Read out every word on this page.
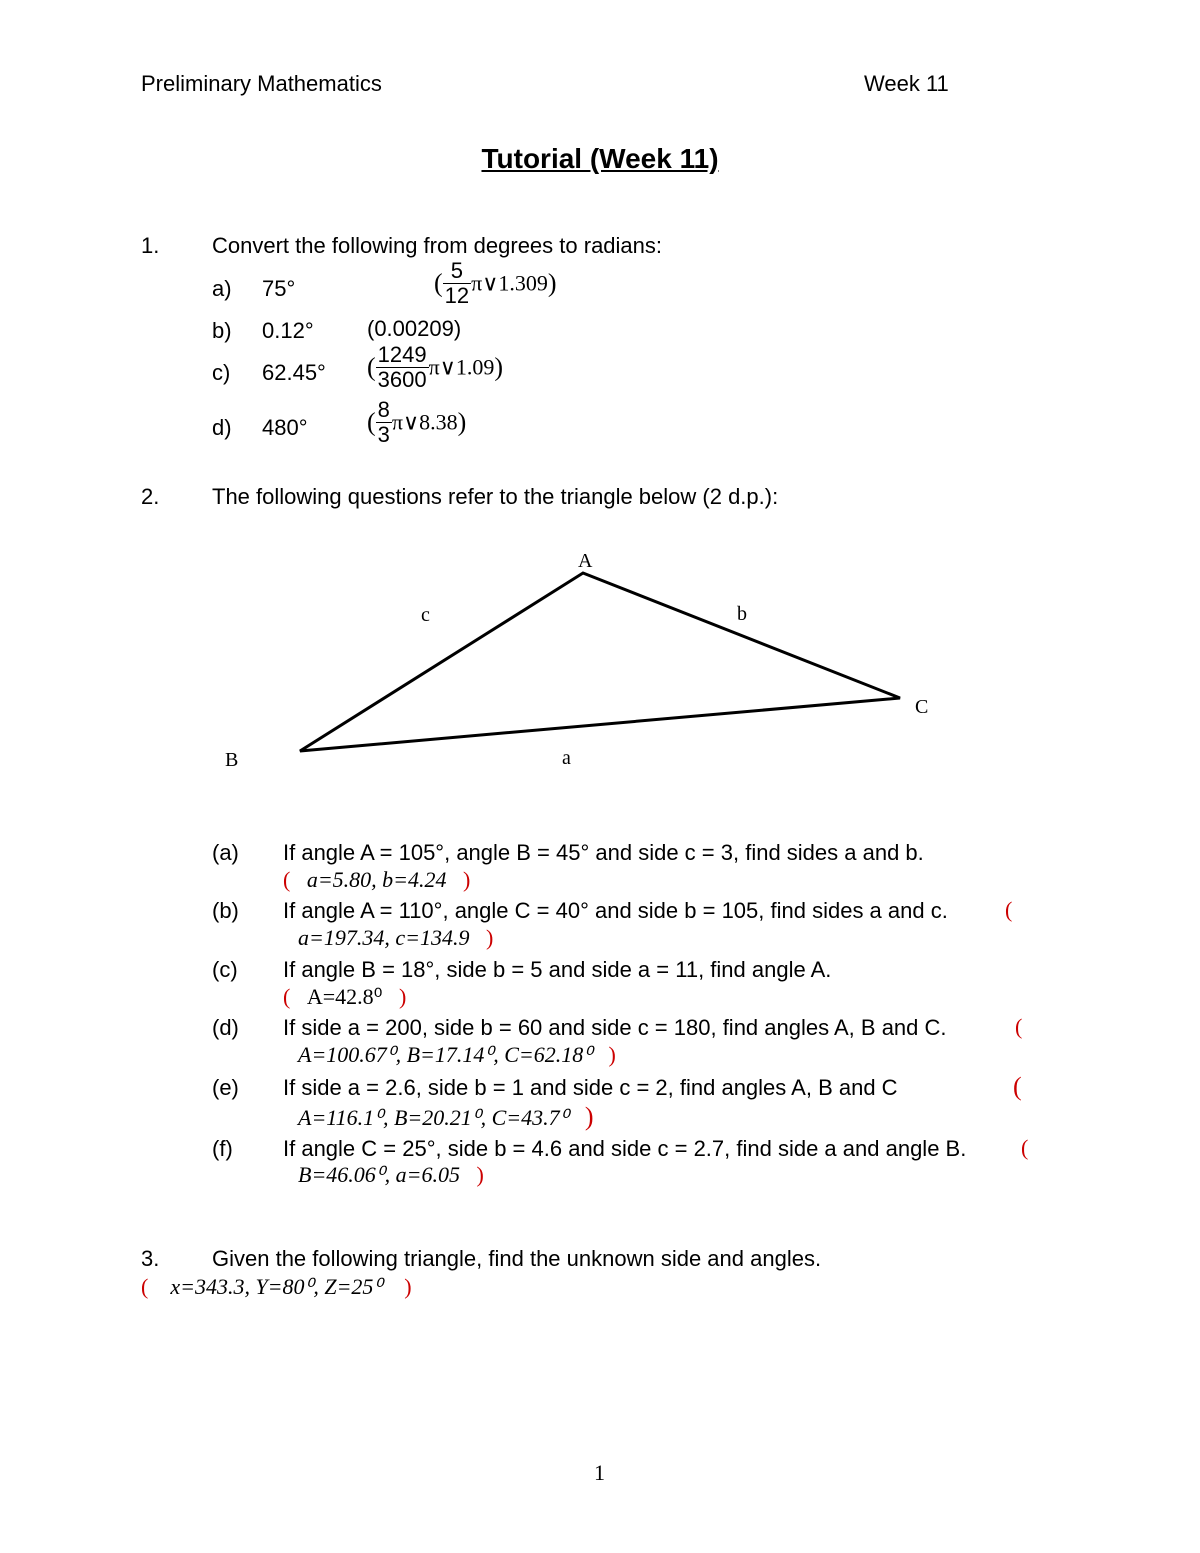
Preliminary Mathematics	Week 11
Tutorial (Week 11)
1. Convert the following from degrees to radians:
a) 75°	( $\frac{5}{12}$ π∨1.309)
b) 0.12° (0.00209)
c) 62.45° ( $\frac{1249}{3600}$ π∨1.09)
d) 480° ( $\frac{8}{3}$ π∨8.38)
2. The following questions refer to the triangle below (2 d.p.):
A
B
C
a
b
c
(a) If angle A = 105°, angle B = 45° and side c = 3, find sides a and b.
( a=5.80, b=4.24 )
(b) If angle A = 110°, angle C = 40° and side b = 105, find sides a and c.	(
a=197.34, c=134.9 )
(c) If angle B = 18°, side b = 5 and side a = 11, find angle A.
( A=42.8⁰ )
(d) If side a = 200, side b = 60 and side c = 180, find angles A, B and C.	(
A=100.67⁰, B=17.14⁰, C=62.18⁰ )
(e) If side a = 2.6, side b = 1 and side c = 2, find angles A, B and C	(
A=116.1⁰, B=20.21⁰, C=43.7⁰ )
(f) If angle C = 25°, side b = 4.6 and side c = 2.7, find side a and angle B. (
B=46.06⁰, a=6.05 )
3. Given the following triangle, find the unknown side and angles.
( x=343.3, Y=80⁰, Z=25⁰ )
1
